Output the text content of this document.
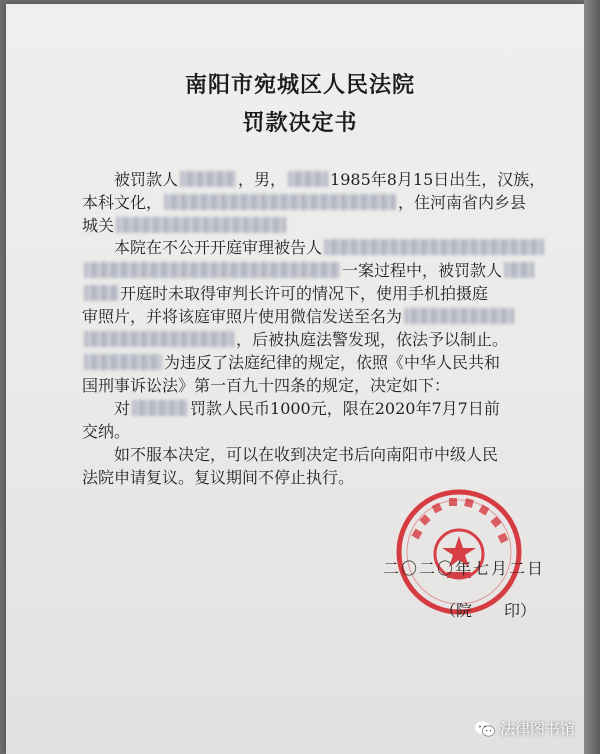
南阳市宛城区人民法院
罚款决定书
被罚款人	，男，	1985年8月15日出生，汉族，
本科文化，	，住河南省内乡县
城关
本院在不公开开庭审理被告人
一案过程中，被罚款人
开庭时未取得审判长许可的情况下，使用手机拍摄庭
审照片，并将该庭审照片使用微信发送至名为
，后被执庭法警发现，依法予以制止。
为违反了法庭纪律的规定，依照《中华人民共和
国刑事诉讼法》第一百九十四条的规定，决定如下：
对	罚款人民币1000元，限在2020年7月7日前
交纳。
如不服本决定，可以在收到决定书后向南阳市中级人民
法院申请复议。复议期间不停止执行。
二〇二〇年七月二日
（院　　印）
法律图书馆
